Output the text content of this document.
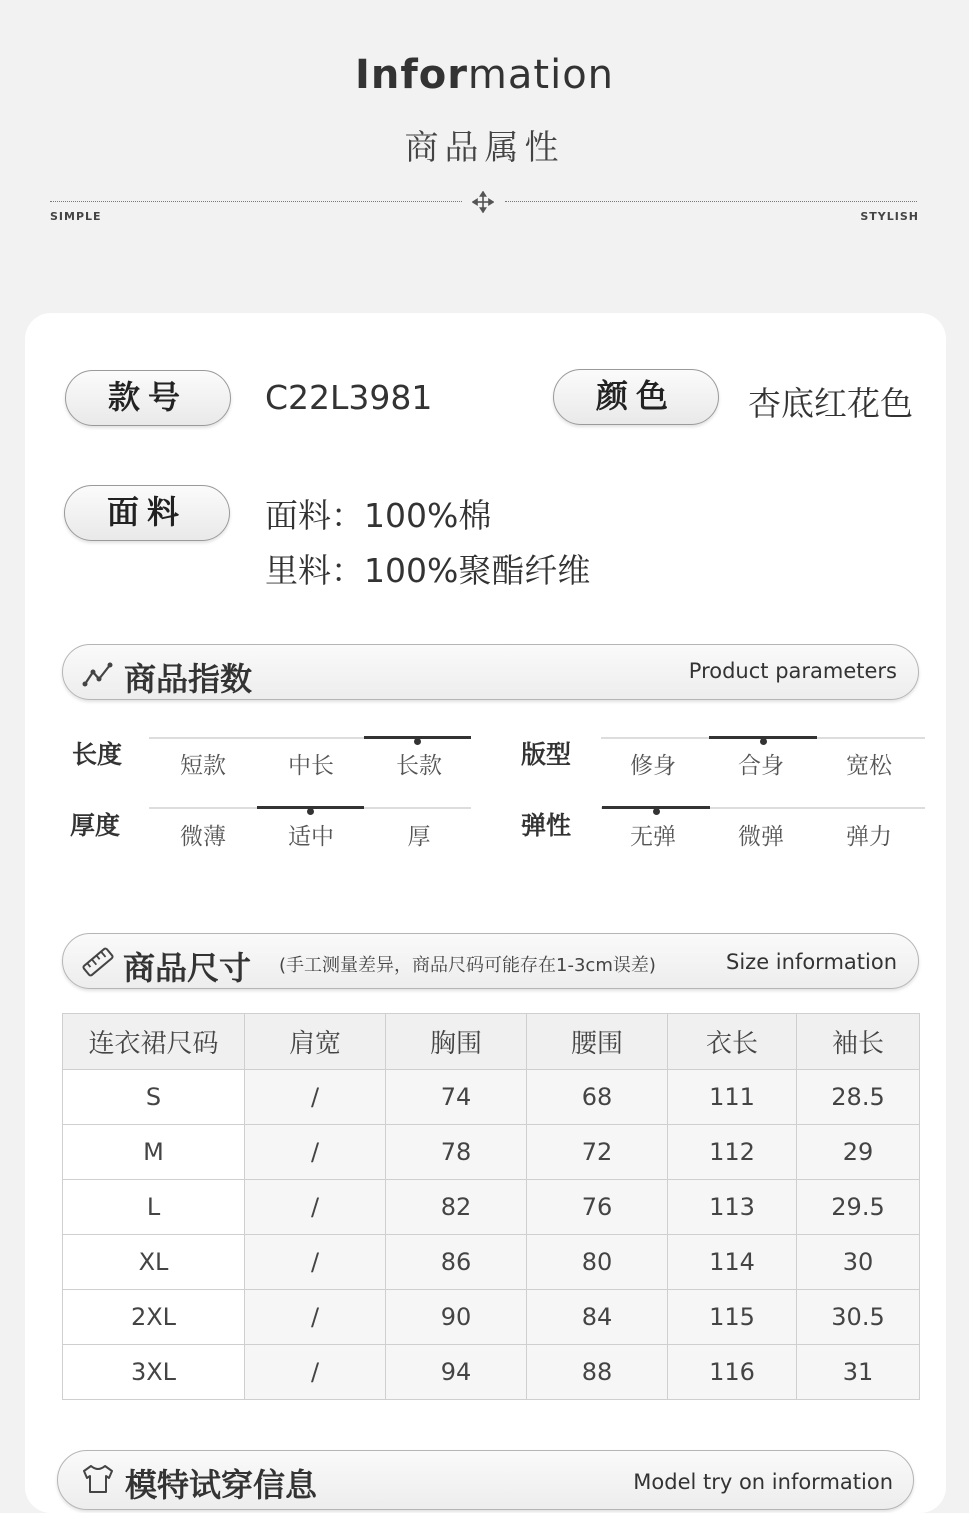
Information
商品属性
SIMPLE	STYLISH
款号	C22L3981	颜色	杏底红花色
面料	面料：100%棉
里料：100%聚酯纤维
商品指数	Product parameters
长度	短款	中长	长款	版型	修身	合身	宽松
厚度	微薄	适中	厚	弹性	无弹	微弹	弹力
商品尺寸 (手工测量差异，商品尺码可能存在1-3cm误差)	Size information
连衣裙尺码	肩宽	胸围	腰围	衣长	袖长
S	/	74	68	111	28.5
M	/	78	72	112	29
L	/	82	76	113	29.5
XL	/	86	80	114	30
2XL	/	90	84	115	30.5
3XL	/	94	88	116	31
模特试穿信息	Model try on information
